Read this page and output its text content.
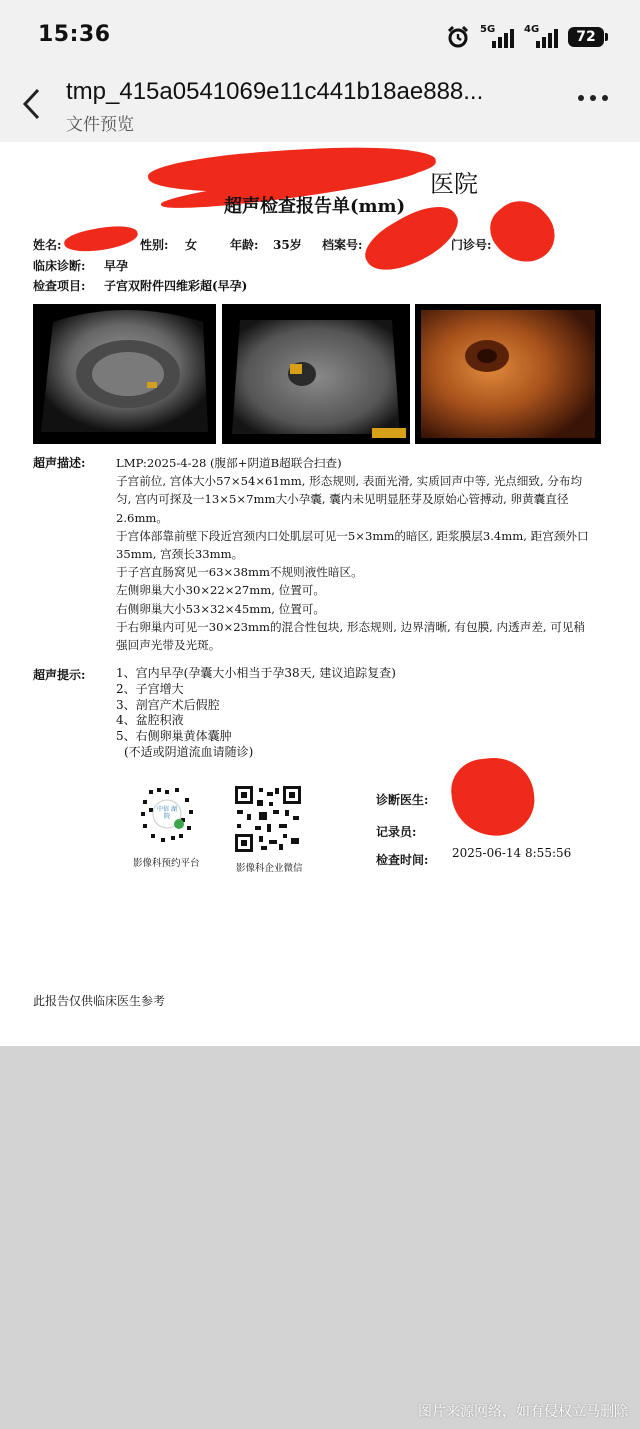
15:36	5G	4G	72
tmp_415a0541069e11c441b18ae888...
文件预览
医院
超声检查报告单(mm)
姓名:	性别: 女	年龄: 35岁 档案号:	门诊号:
临床诊断: 早孕
检查项目: 子宫双附件四维彩超(早孕)
超声描述:	LMP:2025-4-28 (腹部+阴道B超联合扫查)

子宫前位, 宫体大小57×54×61mm, 形态规则, 表面光滑, 实质回声中等, 光点细致, 分布均匀, 宫内可探及一13×5×7mm大小孕囊, 囊内未见明显胚芽及原始心管搏动, 卵黄囊直径2.6mm。

于宫体部靠前壁下段近宫颈内口处肌层可见一5×3mm的暗区, 距浆膜层3.4mm, 距宫颈外口35mm, 宫颈长33mm。

于子宫直肠窝见一63×38mm不规则液性暗区。

左侧卵巢大小30×22×27mm, 位置可。

右侧卵巢大小53×32×45mm, 位置可。

于右卵巢内可见一30×23mm的混合性包块, 形态规则, 边界清晰, 有包膜, 内透声差, 可见稍强回声光带及光斑。

超声提示:	1、宫内早孕(孕囊大小相当于孕38天, 建议追踪复查)

2、子宫增大

3、剖宫产术后假腔

4、盆腔积液

5、右侧卵巢黄体囊肿

(不适或阴道流血请随诊)

中信 湖院
影像科预约平台	影像科企业微信
诊断医生:
记录员:
检查时间: 2025-06-14 8:55:56
此报告仅供临床医生参考
图片来源网络，如有侵权立马删除
